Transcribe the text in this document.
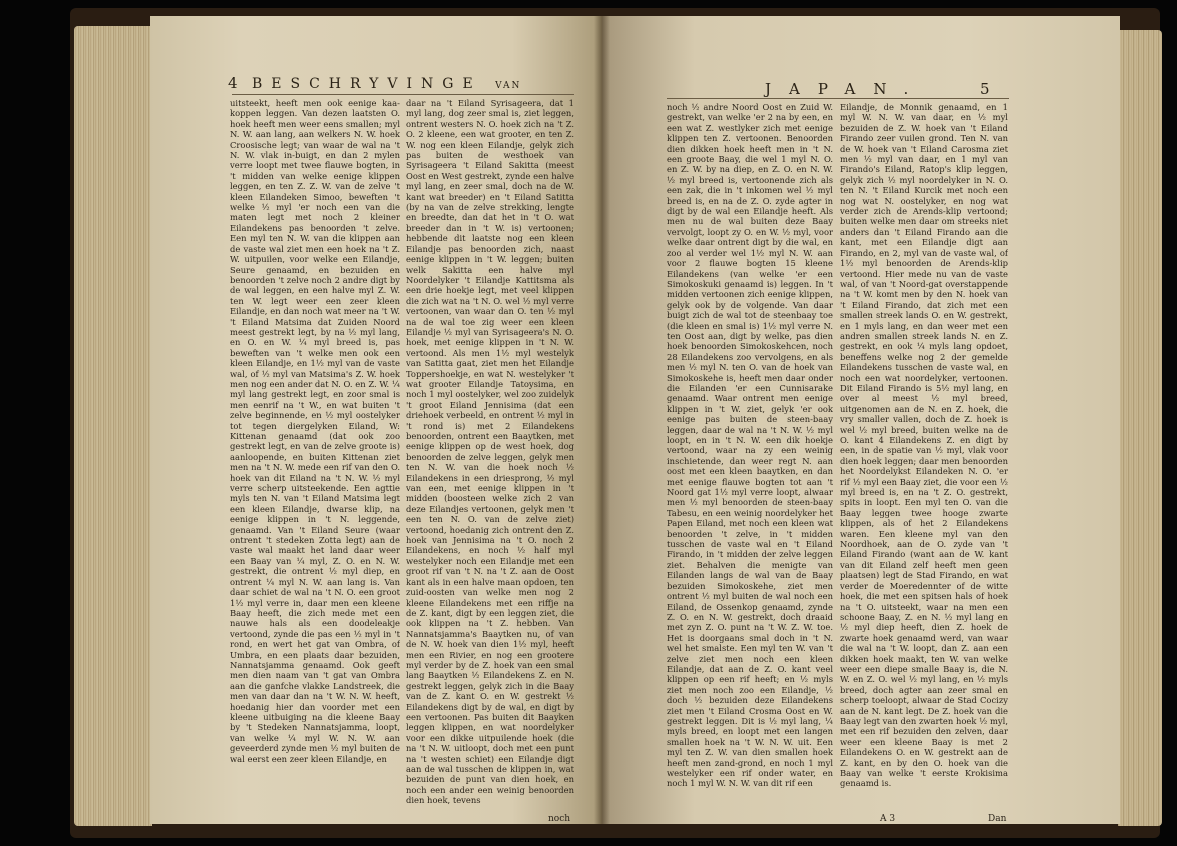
4 BESCHRYVINGE VAN	JAPAN.	5

uitsteekt, heeft men ook eenige kaa-koppen leggen. Van dezen laatsten O. hoek heeft men weer eens smallen; myl N. W. aan lang, aan welkers N. W. hoek Croosische legt; van waar de wal na 't N. W. vlak in-buigt, en dan 2 mylen verre loopt met twee flauwe bogten, in 't midden van welke eenige klippen leggen, en ten Z. Z. W. van de zelve 't kleen Eilandeken Simoo, beweften 't welke ½ myl 'er noch een van die maten legt met noch 2 kleiner Eilandekens pas benoorden 't zelve. Een myl ten N. W. van die klippen aan de vaste wal ziet men een hoek na 't Z. W. uitpuilen, voor welke een Eilandje, Seure genaamd, en bezuiden en benoorden 't zelve noch 2 andre digt by de wal leggen, en een halve myl Z. W. ten W. legt weer een zeer kleen Eilandje, en dan noch wat meer na 't W. 't Eiland Matsima dat Zuiden Noord meest gestrekt legt, by na ½ myl lang, en O. en W. ¼ myl breed is, pas beweften van 't welke men ook een kleen Eilandje, en 1½ myl van de vaste wal, of ½ myl van Matsima's Z. W. hoek men nog een ander dat N. O. en Z. W. ¼ myl lang gestrekt legt, en zoor smal is men eenrif na 't W., en wat buiten 't zelve beginnende, en ½ myl oostelyker tot tegen diergelyken Eiland, W: Kittenan genaamd (dat ook zoo gestrekt legt, en van de zelve groote is) aanloopende, en buiten Kittenan ziet men na 't N. W. mede een rif van den O. hoek van dit Eiland na 't N. W. ½ myl verre scherp uitsteekende. Een agttie myls ten N. van 't Eiland Matsima legt een kleen Eilandje, dwarse klip, na eenige klippen in 't N. leggende, genaamd. Van 't Eiland Seure (waar ontrent 't stedeken Zotta legt) aan de vaste wal maakt het land daar weer een Baay van ¼ myl, Z. O. en N. W. gestrekt, die ontrent ½ myl diep, en ontrent ¼ myl N. W. aan lang is. Van daar schiet de wal na 't N. O. een groot 1½ myl verre in, daar men een kleene Baay heeft, die zich mede met een nauwe hals als een doodeleakje vertoond, zynde die pas een ½ myl in 't rond, en wert het gat van Ombra, of Umbra, en een plaats daar bezuiden, Nannatsjamma genaamd. Ook geeft men dien naam van 't gat van Ombra aan die ganfche vlakke Landstreek, die men van daar dan na 't W. N. W. heeft, hoedanig hier dan voorder met een kleene uitbuiging na die kleene Baay by 't Stedeken Nannatsjamma, loopt, van welke ¼ myl W. N. W. aan geveerderd zynde men ½ myl buiten de wal eerst een zeer kleen Eilandje, en

daar na 't Eiland Syrisageera, dat 1 myl lang, dog zeer smal is, ziet leggen, ontrent westers N. O. hoek zich na 't Z. O. 2 kleene, een wat grooter, en ten Z. W. nog een kleen Eilandje, gelyk zich pas buiten de westhoek van Syrisageera 't Eiland Sakitta (meest Oost en West gestrekt, zynde een halve myl lang, en zeer smal, doch na de W. kant wat breeder) en 't Eiland Satitta (by na van de zelve strekking, lengte en breedte, dan dat het in 't O. wat breeder dan in 't W. is) vertoonen; hebbende dit laatste nog een kleen Eilandje pas benoorden zich, naast eenige klippen in 't W. leggen; buiten welk Sakitta een halve myl Noordelyker 't Eilandje Kattitsma als een drie hoekje legt, met veel klippen die zich wat na 't N. O. wel ½ myl verre vertoonen, van waar dan O. ten ½ myl na de wal toe zig weer een kleen Eilandje ½ myl van Syrisageera's N. O. hoek, met eenige klippen in 't N. W. vertoond. Als men 1½ myl westelyk van Satitta gaat, ziet men het Eilandje Toppershoekje, en wat N. westelyker 't wat grooter Eilandje Tatoysima, en noch 1 myl oostelyker, wel zoo zuidelyk 't groot Eiland Jennisima (dat een driehoek verbeeld, en ontrent ½ myl in 't rond is) met 2 Eilandekens benoorden, ontrent een Baaytken, met eenige klippen op de west hoek, dog benoorden de zelve leggen, gelyk men ten N. W. van die hoek noch ½ Eilandekens in een driesprong, ½ myl van een, met eenige klippen in 't midden (boosteen welke zich 2 van deze Eilandjes vertoonen, gelyk men 't een ten N. O. van de zelve ziet) vertoond, hoedanig zich ontrent den Z. hoek van Jennisima na 't O. noch 2 Eilandekens, en noch ½ half myl westelyker noch een Eilandje met een groot rif van 't N. na 't Z. aan de Oost kant als in een halve maan opdoen, ten zuid-oosten van welke men nog 2 kleene Eilandekens met een riffje na de Z. kant, digt by een leggen ziet, die ook klippen na 't Z. hebben. Van Nannatsjamma's Baaytken nu, of van de N. W. hoek van dien 1½ myl, heeft men een Rivier, en nog een grootere myl verder by de Z. hoek van een smal lang Baaytken ½ Eilandekens Z. en N. gestrekt leggen, gelyk zich in die Baay van de Z. kant O. en W. gestrekt ½ Eilandekens digt by de wal, en digt by een vertoonen. Pas buiten dit Baayken leggen klippen, en wat noordelyker voor een dikke uitpuilende hoek (die na 't N. W. uitloopt, doch met een punt na 't westen schiet) een Eilandje digt aan de wal tusschen de klippen in, wat bezuiden de punt van dien hoek, en noch een ander een weinig benoorden dien hoek, tevens

noch

noch ½ andre Noord Oost en Zuid W. gestrekt, van welke 'er 2 na by een, en een wat Z. westlyker zich met eenige klippen ten Z. vertoonen. Benoorden dien dikken hoek heeft men in 't N. een groote Baay, die wel 1 myl N. O. en Z. W. by na diep, en Z. O. en N. W. ½ myl breed is, vertoonende zich als een zak, die in 't inkomen wel ½ myl breed is, en na de Z. O. zyde agter in digt by de wal een Eilandje heeft. Als men nu de wal buiten deze Baay vervolgt, loopt zy O. en W. ½ myl, voor welke daar ontrent digt by die wal, en zoo al verder wel 1½ myl N. W. aan voor 2 flauwe bogten 15 kleene Eilandekens (van welke 'er een Simokoskuki genaamd is) leggen. In 't midden vertoonen zich eenige klippen, gelyk ook by de volgende. Van daar buigt zich de wal tot de steenbaay toe (die kleen en smal is) 1½ myl verre N. ten Oost aan, digt by welke, pas dien hoek benoorden Simokoskehcen, noch 28 Eilandekens zoo vervolgens, en als men ½ myl N. ten O. van de hoek van Simokoskehe is, heeft men daar onder die Eilanden 'er een Cunnisarake genaamd. Waar ontrent men eenige klippen in 't W. ziet, gelyk 'er ook eenige pas buiten de steen-baay leggen, daar de wal na 't N. W. ½ myl loopt, en in 't N. W. een dik hoekje vertoond, waar na zy een weinig inschietende, dan weer regt N. aan oost met een kleen baaytken, en dan met eenige flauwe bogten tot aan 't Noord gat 1½ myl verre loopt, alwaar men ½ myl benoorden de steen-baay Tabesu, en een weinig noordelyker het Papen Eiland, met noch een kleen wat benoorden 't zelve, in 't midden tusschen de vaste wal en 't Eiland Firando, in 't midden der zelve leggen ziet. Behalven die menigte van Eilanden langs de wal van de Baay bezuiden Simokoskehe, ziet men ontrent ½ myl buiten de wal noch een Eiland, de Ossenkop genaamd, zynde Z. O. en N. W. gestrekt, doch draaid met zyn Z. O. punt na 't W. Z. W. toe. Het is doorgaans smal doch in 't N. wel het smalste. Een myl ten W. van 't zelve ziet men noch een kleen Eilandje, dat aan de Z. O. kant veel klippen op een rif heeft; en ½ myls ziet men noch zoo een Eilandje, ½ doch ½ bezuiden deze Eilandekens ziet men 't Eiland Crosma Oost en W. gestrekt leggen. Dit is ½ myl lang, ¼ myls breed, en loopt met een langen smallen hoek na 't W. N. W. uit. Een myl ten Z. W. van dien smallen hoek heeft men zand-grond, en noch 1 myl westelyker een rif onder water, en noch 1 myl W. N. W. van dit rif een

Eilandje, de Monnik genaamd, en 1 myl W. N. W. van daar, en ½ myl bezuiden de Z. W. hoek van 't Eiland Firando zeer vuilen grond. Ten N. van de W. hoek van 't Eiland Carosma ziet men ½ myl van daar, en 1 myl van Firando's Eiland, Ratop's klip leggen, gelyk zich ½ myl noordelyker in N. O. ten N. 't Eiland Kurcik met noch een nog wat N. oostelyker, en nog wat verder zich de Arends-klip vertoond; buiten welke men daar om streeks niet anders dan 't Eiland Firando aan die kant, met een Eilandje digt aan Firando, en 2, myl van de vaste wal, of 1½ myl benoorden de Arends-klip vertoond. Hier mede nu van de vaste wal, of van 't Noord-gat overstappende na 't W. komt men by den N. hoek van 't Eiland Firando, dat zich met een smallen streek lands O. en W. gestrekt, en 1 myls lang, en dan weer met een andren smallen streek lands N. en Z. gestrekt, en ook ¼ myls lang opdoet, beneffens welke nog 2 der gemelde Eilandekens tusschen de vaste wal, en noch een wat noordelyker, vertoonen. Dit Eiland Firando is 5½ myl lang, en over al meest ½ myl breed, uitgenomen aan de N. en Z. hoek, die vry smaller vallen, doch de Z. hoek is wel ½ myl breed, buiten welke na de O. kant 4 Eilandekens Z. en digt by een, in de spatie van ½ myl, vlak voor dien hoek leggen; daar men benoorden het Noordelykst Eilandeken N. O. 'er rif ½ myl een Baay ziet, die voor een ½ myl breed is, en na 't Z. O. gestrekt, spits in loopt. Een myl ten O. van die Baay leggen twee hooge zwarte klippen, als of het 2 Eilandekens waren. Een kleene myl van den Noordhoek, aan de O. zyde van 't Eiland Firando (want aan de W. kant van dit Eiland zelf heeft men geen plaatsen) legt de Stad Firando, en wat verder de Moeredennter of de witte hoek, die met een spitsen hals of hoek na 't O. uitsteekt, waar na men een schoone Baay, Z. en N. ½ myl lang en ½ myl diep heeft, dien Z. hoek de zwarte hoek genaamd werd, van waar die wal na 't W. loopt, dan Z. aan een dikken hoek maakt, ten W. van welke weer een diepe smalle Baay is, die N. W. en Z. O. wel ½ myl lang, en ½ myls breed, doch agter aan zeer smal en scherp toeloopt, alwaar de Stad Cocizy aan de N. kant legt. De Z. hoek van die Baay legt van den zwarten hoek ½ myl, met een rif bezuiden den zelven, daar weer een kleene Baay is met 2 Eilandekens O. en W. gestrekt aan de Z. kant, en by den O. hoek van die Baay van welke 't eerste Krokisima genaamd is.

A 3	Dan
